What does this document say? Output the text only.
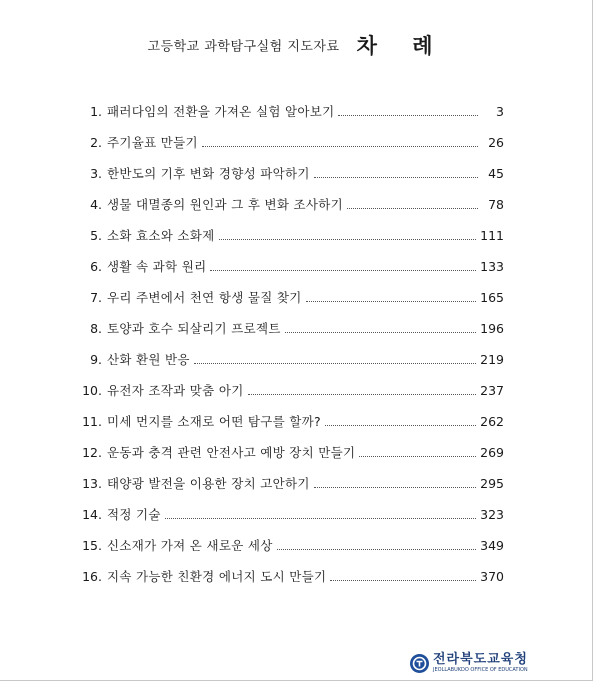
고등학교 과학탐구실험 지도자료 차 례
1. 패러다임의 전환을 가져온 실험 알아보기	3
2. 주기율표 만들기	26
3. 한반도의 기후 변화 경향성 파악하기	45
4. 생물 대멸종의 원인과 그 후 변화 조사하기	78
5. 소화 효소와 소화제	111
6. 생활 속 과학 원리	133
7. 우리 주변에서 천연 항생 물질 찾기	165
8. 토양과 호수 되살리기 프로젝트	196
9. 산화 환원 반응	219
10. 유전자 조작과 맞춤 아기	237
11. 미세 먼지를 소재로 어떤 탐구를 할까?	262
12. 운동과 충격 관련 안전사고 예방 장치 만들기	269
13. 태양광 발전을 이용한 장치 고안하기	295
14. 적정 기술	323
15. 신소재가 가져 온 새로운 세상	349
16. 지속 가능한 친환경 에너지 도시 만들기	370
전라북도교육청
JEOLLABUKDO OFFICE OF EDUCATION
